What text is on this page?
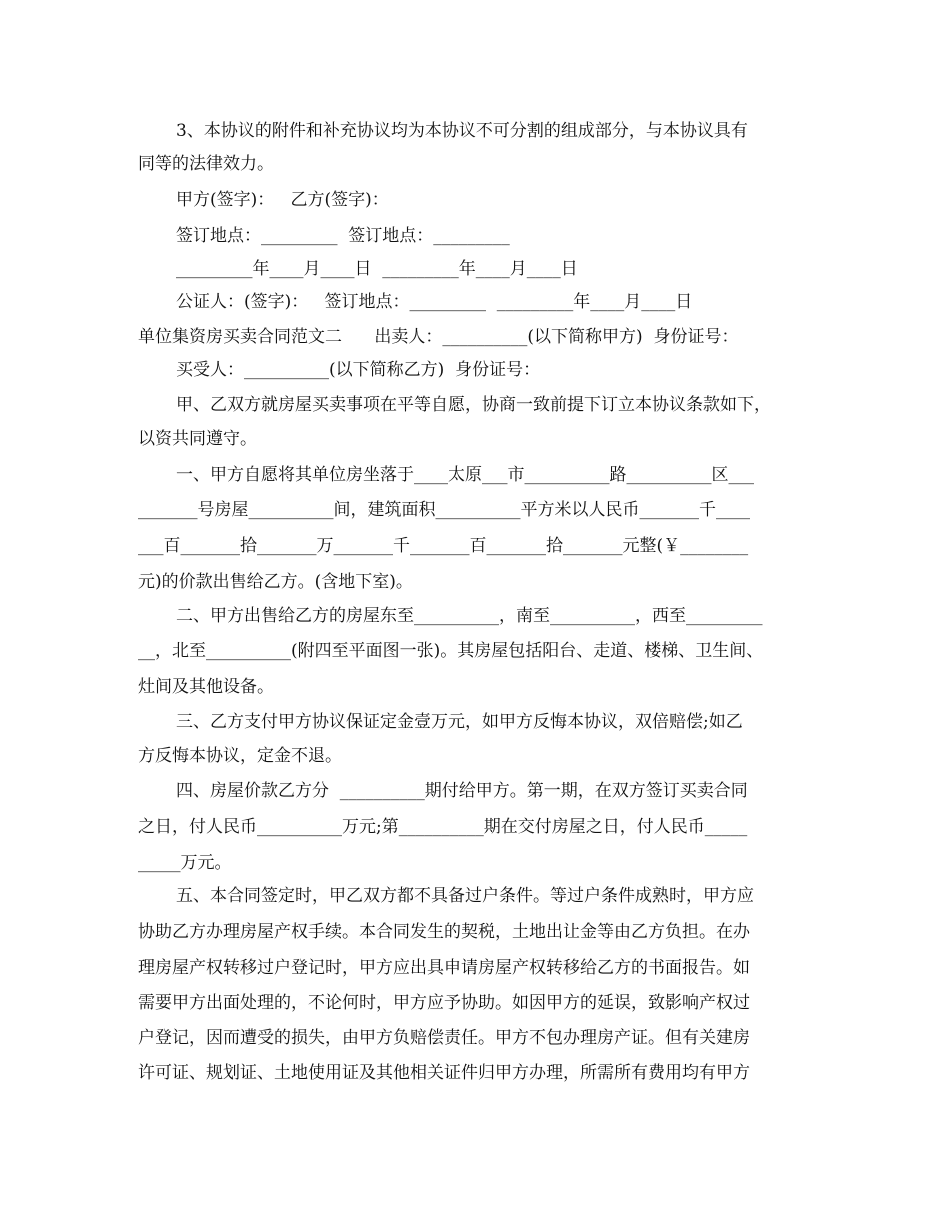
3、本协议的附件和补充协议均为本协议不可分割的组成部分，与本协议具有
同等的法律效力。
甲方(签字)：   乙方(签字)：
签订地点：_________  签订地点：_________
_________年____月____日  _________年____月____日
公证人：(签字)：   签订地点：_________  _________年____月____日
单位集资房买卖合同范文二      出卖人：__________(以下简称甲方)  身份证号：
买受人：__________(以下简称乙方)  身份证号：
甲、乙双方就房屋买卖事项在平等自愿，协商一致前提下订立本协议条款如下，
以资共同遵守。
一、甲方自愿将其单位房坐落于____太原___市__________路__________区___
_______号房屋__________间，建筑面积__________平方米以人民币_______千____
___百_______拾_______万_______千_______百_______拾_______元整(￥________
元)的价款出售给乙方。(含地下室)。
二、甲方出售给乙方的房屋东至__________，南至__________，西至_________
__，北至__________(附四至平面图一张)。其房屋包括阳台、走道、楼梯、卫生间、
灶间及其他设备。
三、乙方支付甲方协议保证定金壹万元，如甲方反悔本协议，双倍赔偿;如乙
方反悔本协议，定金不退。
四、房屋价款乙方分  __________期付给甲方。第一期，在双方签订买卖合同
之日，付人民币__________万元;第__________期在交付房屋之日，付人民币_____
_____万元。
五、本合同签定时，甲乙双方都不具备过户条件。等过户条件成熟时，甲方应
协助乙方办理房屋产权手续。本合同发生的契税，土地出让金等由乙方负担。在办
理房屋产权转移过户登记时，甲方应出具申请房屋产权转移给乙方的书面报告。如
需要甲方出面处理的，不论何时，甲方应予协助。如因甲方的延误，致影响产权过
户登记，因而遭受的损失，由甲方负赔偿责任。甲方不包办理房产证。但有关建房
许可证、规划证、土地使用证及其他相关证件归甲方办理，所需所有费用均有甲方
